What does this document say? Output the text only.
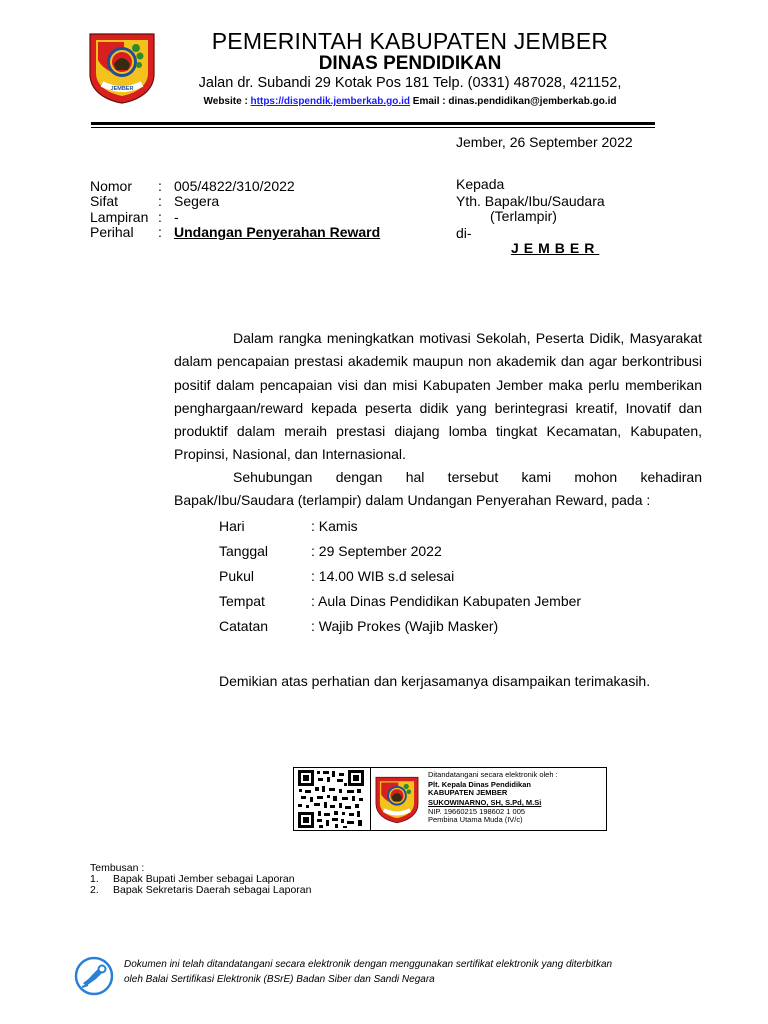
JEMBER
PEMERINTAH KABUPATEN JEMBER
DINAS PENDIDIKAN
Jalan dr. Subandi 29 Kotak Pos 181 Telp. (0331) 487028, 421152,
Website : https://dispendik.jemberkab.go.id Email : dinas.pendidikan@jemberkab.go.id
Jember, 26 September 2022
Nomor : 005/4822/310/2022
Sifat	: Segera
Lampiran : -
Perihal : Undangan Penyerahan Reward
Kepada
Yth. Bapak/Ibu/Saudara
(Terlampir)
di-
JEMBER
Dalam rangka meningkatkan motivasi Sekolah, Peserta Didik, Masyarakat dalam pencapaian prestasi akademik maupun non akademik dan agar berkontribusi positif dalam pencapaian visi dan misi Kabupaten Jember maka perlu memberikan penghargaan/reward kepada peserta didik yang berintegrasi kreatif, Inovatif dan produktif dalam meraih prestasi diajang lomba tingkat Kecamatan, Kabupaten, Propinsi, Nasional, dan Internasional.
Sehubungan dengan hal tersebut kami mohon kehadiran Bapak/Ibu/Saudara (terlampir) dalam Undangan Penyerahan Reward, pada :
Hari	: Kamis
Tanggal	: 29 September 2022
Pukul	: 14.00 WIB s.d selesai
Tempat	: Aula Dinas Pendidikan Kabupaten Jember
Catatan	: Wajib Prokes (Wajib Masker)
Demikian atas perhatian dan kerjasamanya disampaikan terimakasih.
Ditandatangani secara elektronik oleh :
Plt. Kepala Dinas Pendidikan
KABUPATEN JEMBER
SUKOWINARNO, SH, S.Pd, M.Si
NIP. 19660215 198602 1 005
Pembina Utama Muda (IV/c)
Tembusan :
1. Bapak Bupati Jember sebagai Laporan
2. Bapak Sekretaris Daerah sebagai Laporan
Dokumen ini telah ditandatangani secara elektronik dengan menggunakan sertifikat elektronik yang diterbitkan
oleh Balai Sertifikasi Elektronik (BSrE) Badan Siber dan Sandi Negara
